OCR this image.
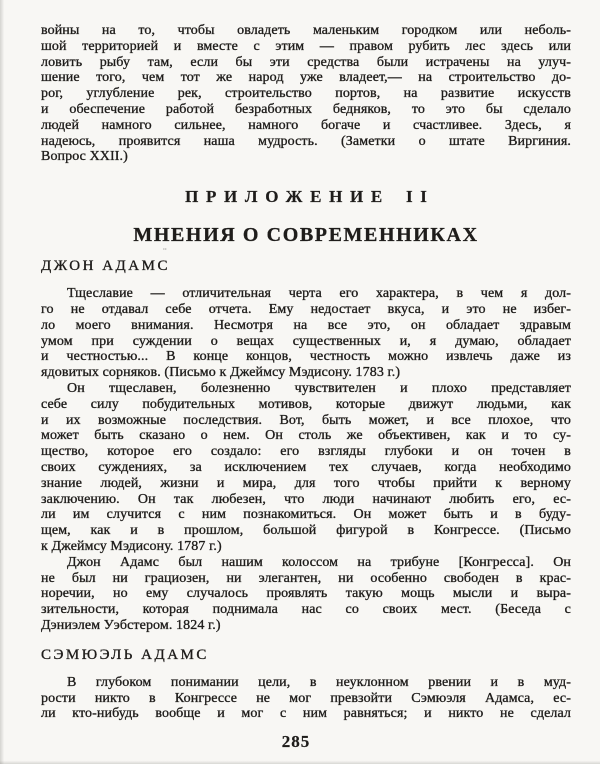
войны на то, чтобы овладеть маленьким городком или неболь-
шой территорией и вместе с этим — правом рубить лес здесь или
ловить рыбу там, если бы эти средства были истрачены на улуч-
шение того, чем тот же народ уже владеет,— на строительство до-
рог, углубление рек, строительство портов, на развитие искусств
и обеспечение работой безработных бедняков, то это бы сделало
людей намного сильнее, намного богаче и счастливее. Здесь, я
надеюсь, проявится наша мудрость. (Заметки о штате Виргиния.
Вопрос XXII.)
ПРИЛОЖЕНИЕ II
МНЕНИЯ О СОВРЕМЕННИКАХ
ДЖОН АДАМС
Тщеславие — отличительная черта его характера, в чем я дол-
го не отдавал себе отчета. Ему недостает вкуса, и это не избег-
ло моего внимания. Несмотря на все это, он обладает здравым
умом при суждении о вещах существенных и, я думаю, обладает
и честностью... В конце концов, честность можно извлечь даже из
ядовитых сорняков. (Письмо к Джеймсу Мэдисону. 1783 г.)
Он тщеславен, болезненно чувствителен и плохо представляет
себе силу побудительных мотивов, которые движут людьми, как
и их возможные последствия. Вот, быть может, и все плохое, что
может быть сказано о нем. Он столь же объективен, как и то су-
щество, которое его создало: его взгляды глубоки и он точен в
своих суждениях, за исключением тех случаев, когда необходимо
знание людей, жизни и мира, для того чтобы прийти к верному
заключению. Он так любезен, что люди начинают любить его, ес-
ли им случится с ним познакомиться. Он может быть и в буду-
щем, как и в прошлом, большой фигурой в Конгрессе. (Письмо
к Джеймсу Мэдисону. 1787 г.)
Джон Адамс был нашим колоссом на трибуне [Конгресса]. Он
не был ни грациозен, ни элегантен, ни особенно свободен в крас-
норечии, но ему случалось проявлять такую мощь мысли и выра-
зительности, которая поднимала нас со своих мест. (Беседа с
Дэниэлем Уэбстером. 1824 г.)
СЭМЮЭЛЬ АДАМС
В глубоком понимании цели, в неуклонном рвении и в муд-
рости никто в Конгрессе не мог превзойти Сэмюэля Адамса, ес-
ли кто-нибудь вообще и мог с ним равняться; и никто не сделал
285
¨
